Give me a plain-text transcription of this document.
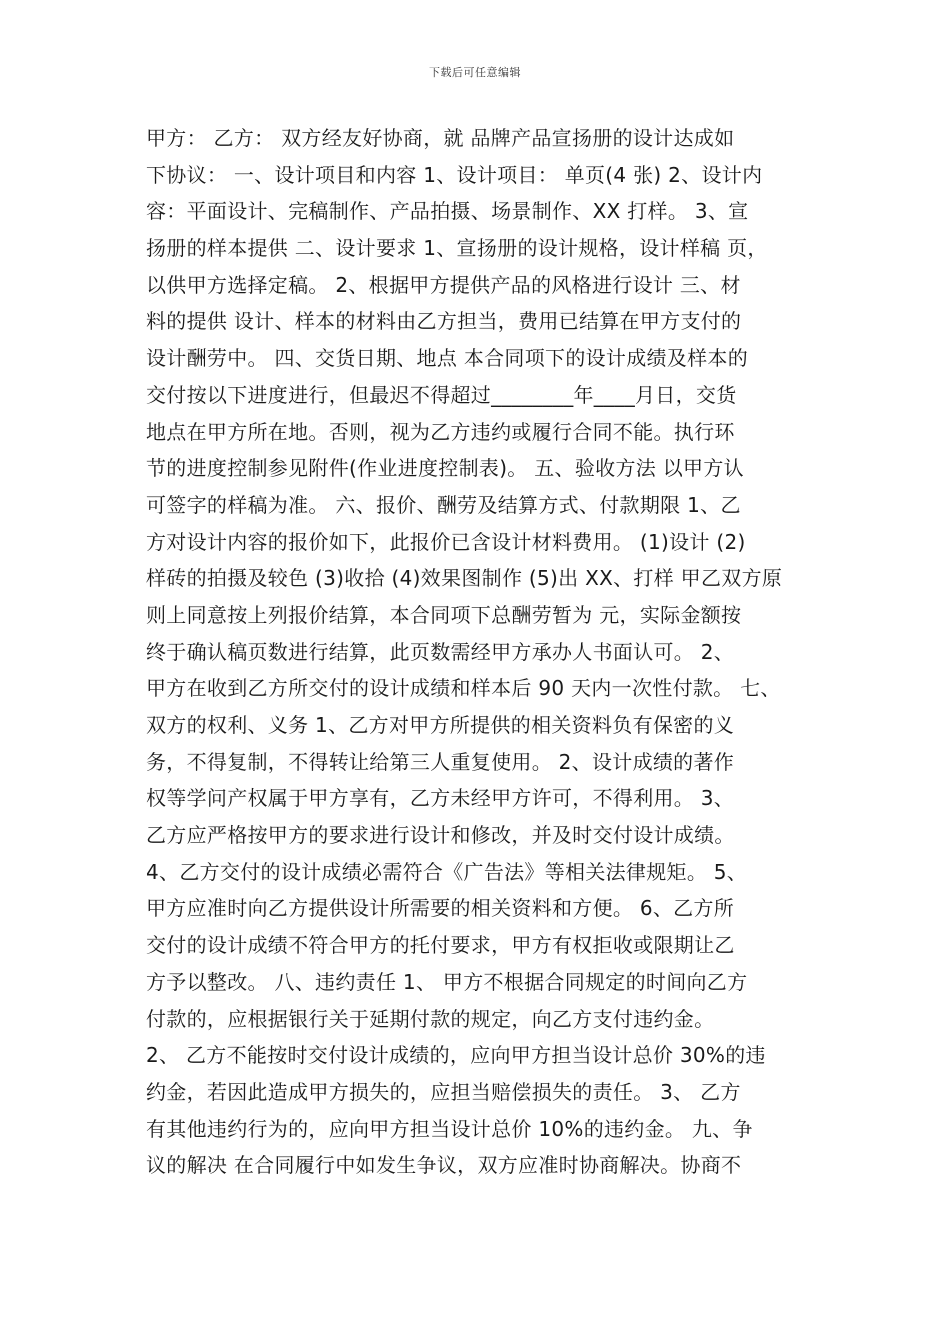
下载后可任意编辑
甲方： 乙方： 双方经友好协商，就 品牌产品宣扬册的设计达成如
下协议： 一、设计项目和内容 1、设计项目： 单页(4 张) 2、设计内
容：平面设计、完稿制作、产品拍摄、场景制作、XX 打样。 3、宣
扬册的样本提供 二、设计要求 1、宣扬册的设计规格，设计样稿 页，
以供甲方选择定稿。 2、根据甲方提供产品的风格进行设计 三、材
料的提供 设计、样本的材料由乙方担当，费用已结算在甲方支付的
设计酬劳中。 四、交货日期、地点 本合同项下的设计成绩及样本的
交付按以下进度进行，但最迟不得超过________年____月日，交货
地点在甲方所在地。否则，视为乙方违约或履行合同不能。执行环
节的进度控制参见附件(作业进度控制表)。 五、验收方法 以甲方认
可签字的样稿为准。 六、报价、酬劳及结算方式、付款期限 1、乙
方对设计内容的报价如下，此报价已含设计材料费用。 (1)设计 (2)
样砖的拍摄及较色 (3)收拾 (4)效果图制作 (5)出 XX、打样 甲乙双方原
则上同意按上列报价结算，本合同项下总酬劳暂为 元，实际金额按
终于确认稿页数进行结算，此页数需经甲方承办人书面认可。 2、
甲方在收到乙方所交付的设计成绩和样本后 90 天内一次性付款。 七、
双方的权利、义务 1、乙方对甲方所提供的相关资料负有保密的义
务，不得复制，不得转让给第三人重复使用。 2、设计成绩的著作
权等学问产权属于甲方享有，乙方未经甲方许可，不得利用。 3、
乙方应严格按甲方的要求进行设计和修改，并及时交付设计成绩。
4、乙方交付的设计成绩必需符合《广告法》等相关法律规矩。 5、
甲方应准时向乙方提供设计所需要的相关资料和方便。 6、乙方所
交付的设计成绩不符合甲方的托付要求，甲方有权拒收或限期让乙
方予以整改。 八、违约责任 1、 甲方不根据合同规定的时间向乙方
付款的，应根据银行关于延期付款的规定，向乙方支付违约金。
2、 乙方不能按时交付设计成绩的，应向甲方担当设计总价 30%的违
约金，若因此造成甲方损失的，应担当赔偿损失的责任。 3、 乙方
有其他违约行为的，应向甲方担当设计总价 10%的违约金。 九、争
议的解决 在合同履行中如发生争议，双方应准时协商解决。协商不
